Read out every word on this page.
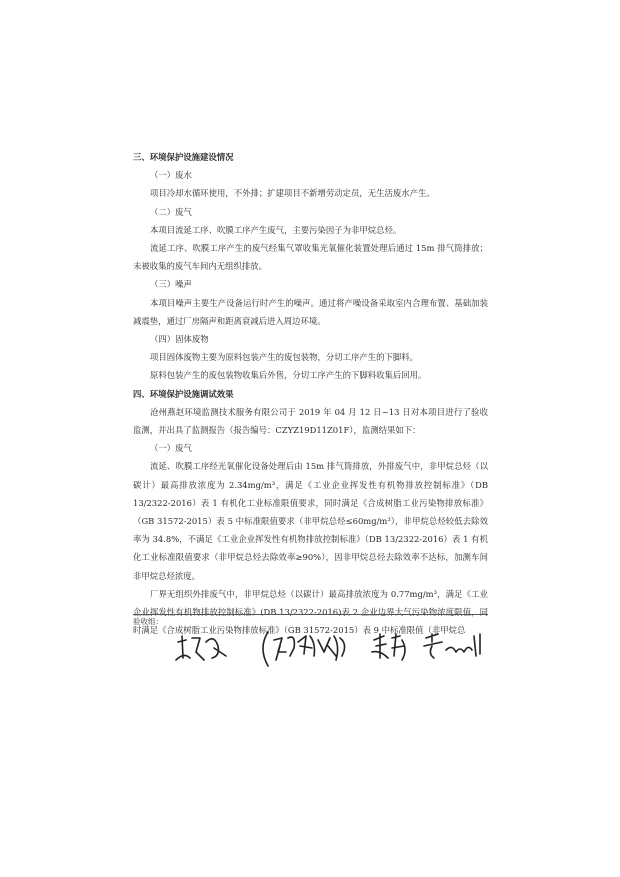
三、环境保护设施建设情况

（一）废水

项目冷却水循环使用，不外排；扩建项目不新增劳动定员，无生活废水产生。

（二）废气

本项目流延工序、吹膜工序产生废气，主要污染因子为非甲烷总烃。

流延工序、吹膜工序产生的废气经集气罩收集光氧催化装置处理后通过 15m 排气筒排放；未被收集的废气车间内无组织排放。

（三）噪声

本项目噪声主要生产设备运行时产生的噪声。通过将产噪设备采取室内合理布置、基础加装减震垫，通过厂房隔声和距离衰减后进入周边环境。

（四）固体废物

项目固体废物主要为原料包装产生的废包装物，分切工序产生的下脚料。

原料包装产生的废包装物收集后外售，分切工序产生的下脚料收集后回用。

四、环境保护设施调试效果

沧州燕赵环境监测技术服务有限公司于 2019 年 04 月 12 日~13 日对本项目进行了验收监测，并出具了监测报告（报告编号：CZYZ19D11Z01F），监测结果如下：

（一）废气

流延、吹膜工序经光氧催化设备处理后由 15m 排气筒排放，外排废气中，非甲烷总烃（以碳计）最高排放浓度为 2.34mg/m³，满足《工业企业挥发性有机物排放控制标准》（DB 13/2322-2016）表 1 有机化工业标准限值要求，同时满足《合成树脂工业污染物排放标准》（GB 31572-2015）表 5 中标准限值要求（非甲烷总烃≤60mg/m³），非甲烷总烃较低去除效率为 34.8%，不满足《工业企业挥发性有机物排放控制标准》（DB 13/2322-2016）表 1 有机化工业标准限值要求（非甲烷总烃去除效率≥90%），因非甲烷总烃去除效率不达标，加测车间非甲烷总烃浓度。

厂界无组织外排废气中，非甲烷总烃（以碳计）最高排放浓度为 0.77mg/m³，满足《工业企业挥发性有机物排放控制标准》(DB 13/2322-2016)表 2 企业边界大气污染物浓度限值，同时满足《合成树脂工业污染物排放标准》（GB 31572-2015）表 9 中标准限值（非甲烷总

验收组：
